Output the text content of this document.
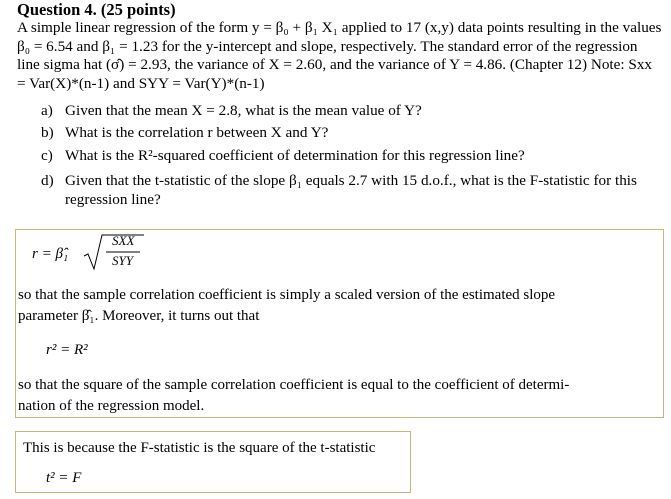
Question 4. (25 points)
A simple linear regression of the form y = β₀ + β₁ X₁ applied to 17 (x,y) data points resulting in the values β₀ = 6.54 and β₁ = 1.23 for the y-intercept and slope, respectively. The standard error of the regression line sigma hat (σ̂) = 2.93, the variance of X = 2.60, and the variance of Y = 4.86. (Chapter 12) Note: Sxx = Var(X)*(n-1) and SYY = Var(Y)*(n-1)
a) Given that the mean X = 2.8, what is the mean value of Y?
b) What is the correlation r between X and Y?
c) What is the R²-squared coefficient of determination for this regression line?
d) Given that the t-statistic of the slope β₁ equals 2.7 with 15 d.o.f., what is the F-statistic for this regression line?
r = β̂₁
SXX
SYY
so that the sample correlation coefficient is simply a scaled version of the estimated slope
parameter β̂₁. Moreover, it turns out that
r² = R²
so that the square of the sample correlation coefficient is equal to the coefficient of determi-
nation of the regression model.
This is because the F-statistic is the square of the t-statistic
t² = F
